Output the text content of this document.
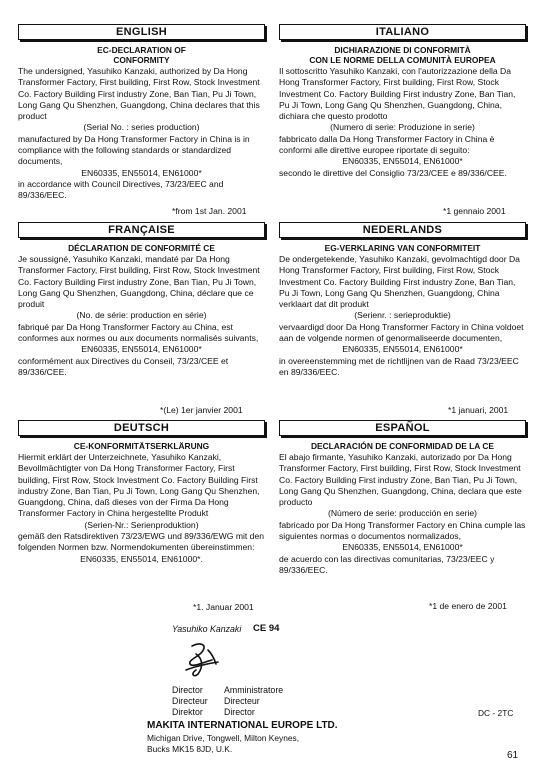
ENGLISH
EC-DECLARATION OF
CONFORMITY

The undersigned, Yasuhiko Kanzaki, authorized by Da Hong Transformer Factory, First building, First Row, Stock Investment Co. Factory Building First industry Zone, Ban Tian, Pu Ji Town, Long Gang Qu Shenzhen, Guangdong, China declares that this product

(Serial No. : series production)

manufactured by Da Hong Transformer Factory in China is in compliance with the following standards or standardized documents,

EN60335, EN55014, EN61000*

in accordance with Council Directives, 73/23/EEC and 89/336/EEC.

*from 1st Jan. 2001
ITALIANO
DICHIARAZIONE DI CONFORMITÀ
CON LE NORME DELLA COMUNITÀ EUROPEA

Il sottoscritto Yasuhiko Kanzaki, con l'autorizzazione della Da Hong Transformer Factory, First building, First Row, Stock Investment Co. Factory Building First industry Zone, Ban Tian, Pu Ji Town, Long Gang Qu Shenzhen, Guangdong, China, dichiara che questo prodotto

(Numero di serie: Produzione in serie)

fabbricato dalla Da Hong Transformer Factory in China è conformi alle direttive europee riportate di seguito:

EN60335, EN55014, EN61000*

secondo le direttive del Consiglio 73/23/CEE e 89/336/CEE.

*1 gennaio 2001
FRANÇAISE
DÉCLARATION DE CONFORMITÉ CE

Je soussigné, Yasuhiko Kanzaki, mandaté par Da Hong Transformer Factory, First building, First Row, Stock Investment Co. Factory Building First industry Zone, Ban Tian, Pu Ji Town, Long Gang Qu Shenzhen, Guangdong, China, déclare que ce produit

(No. de série: production en série)

fabriqué par Da Hong Transformer Factory au China, est conformes aux normes ou aux documents normalisés suivants,

EN60335, EN55014, EN61000*

conformément aux Directives du Conseil, 73/23/CEE et 89/336/CEE.

*(Le) 1er janvier 2001
NEDERLANDS
EG-VERKLARING VAN CONFORMITEIT

De ondergetekende, Yasuhiko Kanzaki, gevolmachtigd door Da Hong Transformer Factory, First building, First Row, Stock Investment Co. Factory Building First industry Zone, Ban Tian, Pu Ji Town, Long Gang Qu Shenzhen, Guangdong, China verklaart dat dit produkt

(Serienr. : serieproduktie)

vervaardigd door Da Hong Transformer Factory in China voldoet aan de volgende normen of genormaliseerde documenten,

EN60335, EN55014, EN61000*

in overeenstemming met de richtlijnen van de Raad 73/23/EEC en 89/336/EEC.

*1 januari, 2001
DEUTSCH
CE-KONFORMITÄTSERKLÄRUNG

Hiermit erklärt der Unterzeichnete, Yasuhiko Kanzaki, Bevollmächtigter von Da Hong Transformer Factory, First building, First Row, Stock Investment Co. Factory Building First industry Zone, Ban Tian, Pu Ji Town, Long Gang Qu Shenzhen, Guangdong, China, daß dieses von der Firma Da Hong Transformer Factory in China hergestellte Produkt

(Serien-Nr.: Serienproduktion)

gemäß den Ratsdirektiven 73/23/EWG und 89/336/EWG mit den folgenden Normen bzw. Normendokumenten übereinstimmen:

EN60335, EN55014, EN61000*.

*1. Januar 2001
ESPAÑOL
DECLARACIÓN DE CONFORMIDAD DE LA CE

El abajo firmante, Yasuhiko Kanzaki, autorizado por Da Hong Transformer Factory, First building, First Row, Stock Investment Co. Factory Building First industry Zone, Ban Tian, Pu Ji Town, Long Gang Qu Shenzhen, Guangdong, China, declara que este producto

(Número de serie: producción en serie)

fabricado por Da Hong Transformer Factory en China cumple las siguientes normas o documentos normalizados,

EN60335, EN55014, EN61000*

de acuerdo con las directivas comunitarias, 73/23/EEC y 89/336/EEC.

*1 de enero de 2001
Yasuhiko Kanzaki CE 94
Director
Directeur
Direktor
Amministratore
Directeur
Director
MAKITA INTERNATIONAL EUROPE LTD.
Michigan Drive, Tongwell, Milton Keynes,
Bucks MK15 8JD, U.K.
DC - 2TC
61
